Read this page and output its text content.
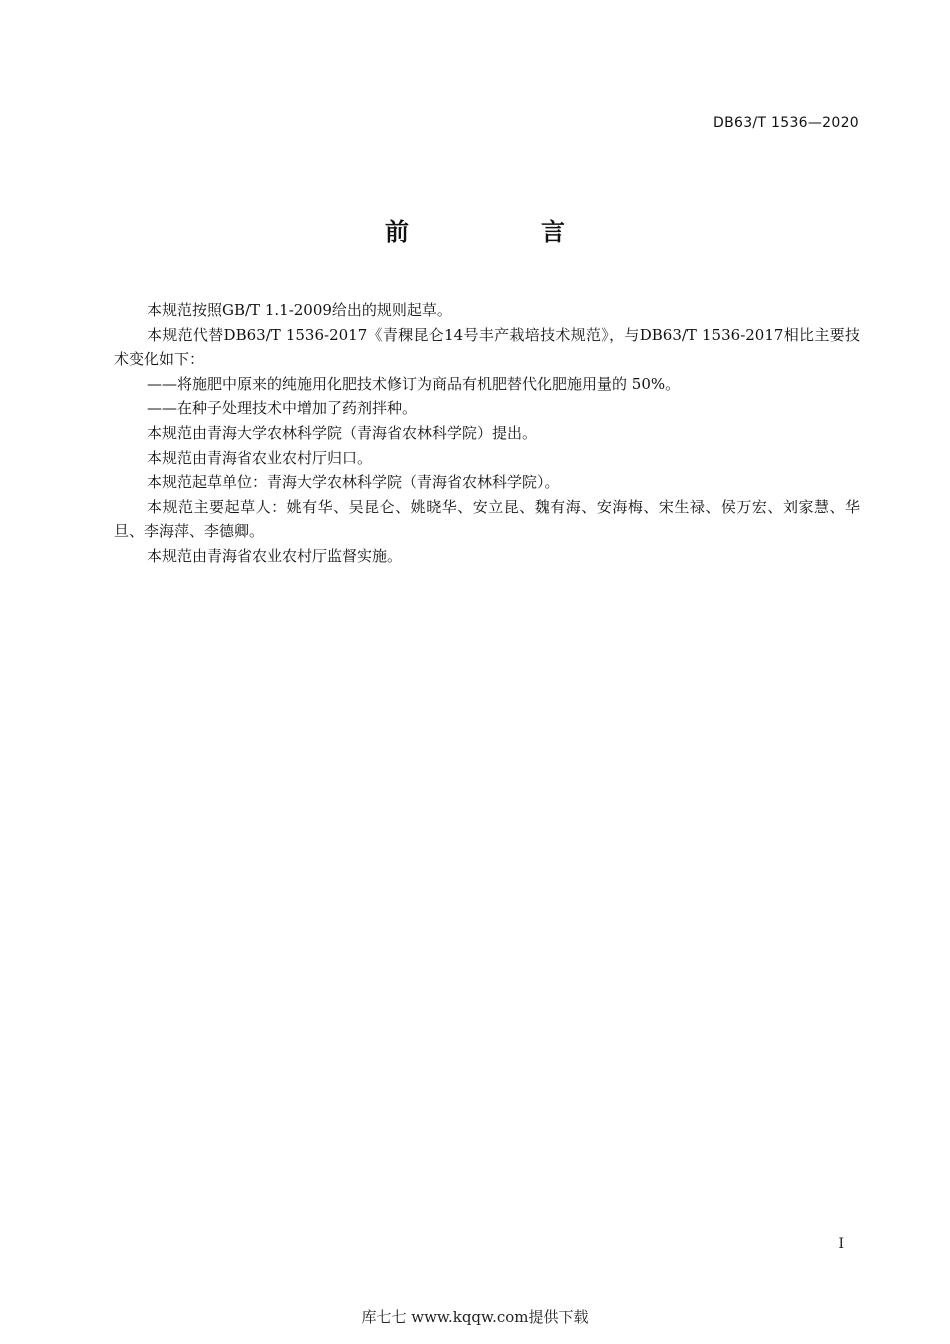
DB63/T 1536—2020
前　言

本规范按照GB/T 1.1-2009给出的规则起草。

本规范代替DB63/T 1536-2017《青稞昆仑14号丰产栽培技术规范》，与DB63/T 1536-2017相比主要技术变化如下：

——将施肥中原来的纯施用化肥技术修订为商品有机肥替代化肥施用量的 50%。

——在种子处理技术中增加了药剂拌种。

本规范由青海大学农林科学院（青海省农林科学院）提出。

本规范由青海省农业农村厅归口。

本规范起草单位：青海大学农林科学院（青海省农林科学院）。

本规范主要起草人：姚有华、吴昆仑、姚晓华、安立昆、魏有海、安海梅、宋生禄、侯万宏、刘家慧、华旦、李海萍、李德卿。

本规范由青海省农业农村厅监督实施。

I
库七七 www.kqqw.com提供下载
